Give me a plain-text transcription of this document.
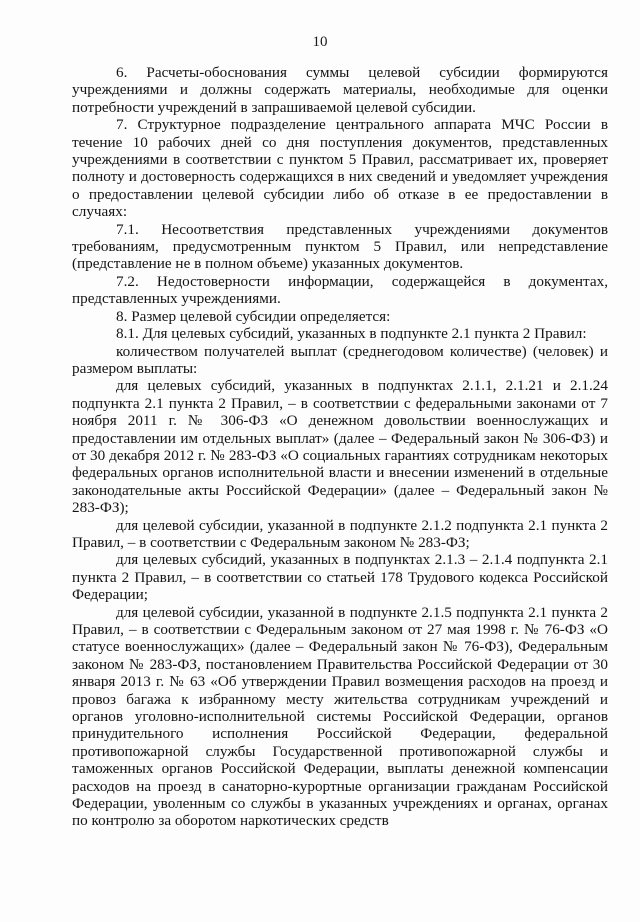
10

6. Расчеты-обоснования суммы целевой субсидии формируются учреждениями и должны содержать материалы, необходимые для оценки потребности учреждений в запрашиваемой целевой субсидии.

7. Структурное подразделение центрального аппарата МЧС России в течение 10 рабочих дней со дня поступления документов, представленных учреждениями в соответствии с пунктом 5 Правил, рассматривает их, проверяет полноту и достоверность содержащихся в них сведений и уведомляет учреждения о предоставлении целевой субсидии либо об отказе в ее предоставлении в случаях:

7.1. Несоответствия представленных учреждениями документов требованиям, предусмотренным пунктом 5 Правил, или непредставление (представление не в полном объеме) указанных документов.

7.2. Недостоверности информации, содержащейся в документах, представленных учреждениями.

8. Размер целевой субсидии определяется:

8.1. Для целевых субсидий, указанных в подпункте 2.1 пункта 2 Правил:

количеством получателей выплат (среднегодовом количестве) (человек) и размером выплаты:

для целевых субсидий, указанных в подпунктах 2.1.1, 2.1.21 и 2.1.24 подпункта 2.1 пункта 2 Правил, – в соответствии с федеральными законами от 7 ноября 2011 г. № 306-ФЗ «О денежном довольствии военнослужащих и предоставлении им отдельных выплат» (далее – Федеральный закон № 306-ФЗ) и от 30 декабря 2012 г. № 283-ФЗ «О социальных гарантиях сотрудникам некоторых федеральных органов исполнительной власти и внесении изменений в отдельные законодательные акты Российской Федерации» (далее – Федеральный закон № 283-ФЗ);

для целевой субсидии, указанной в подпункте 2.1.2 подпункта 2.1 пункта 2 Правил, – в соответствии с Федеральным законом № 283-ФЗ;

для целевых субсидий, указанных в подпунктах 2.1.3 – 2.1.4 подпункта 2.1 пункта 2 Правил, – в соответствии со статьей 178 Трудового кодекса Российской Федерации;

для целевой субсидии, указанной в подпункте 2.1.5 подпункта 2.1 пункта 2 Правил, – в соответствии с Федеральным законом от 27 мая 1998 г. № 76-ФЗ «О статусе военнослужащих» (далее – Федеральный закон № 76-ФЗ), Федеральным законом № 283-ФЗ, постановлением Правительства Российской Федерации от 30 января 2013 г. № 63 «Об утверждении Правил возмещения расходов на проезд и провоз багажа к избранному месту жительства сотрудникам учреждений и органов уголовно-исполнительной системы Российской Федерации, органов принудительного исполнения Российской Федерации, федеральной противопожарной службы Государственной противопожарной службы и таможенных органов Российской Федерации, выплаты денежной компенсации расходов на проезд в санаторно-курортные организации гражданам Российской Федерации, уволенным со службы в указанных учреждениях и органах, органах по контролю за оборотом наркотических средств
